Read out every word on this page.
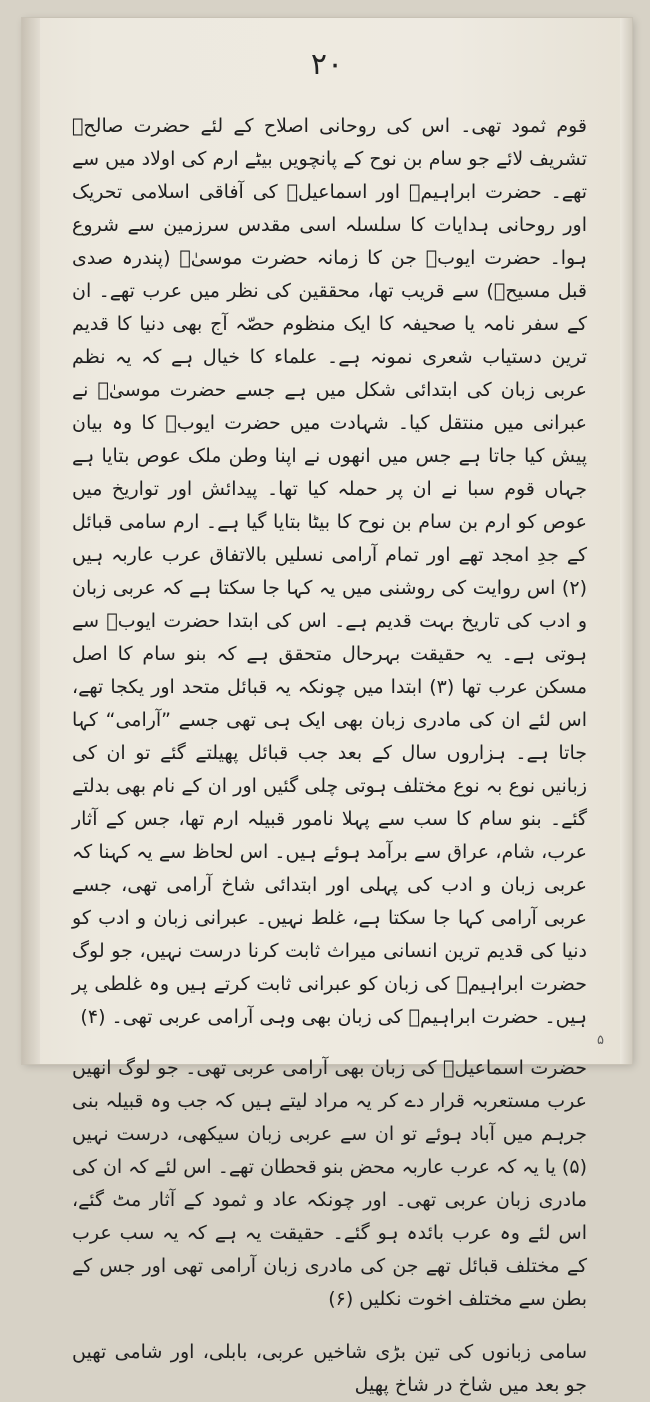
۲۰

قوم ثمود تھی۔ اس کی روحانی اصلاح کے لئے حضرت صالحؑ تشریف لائے جو سام بن نوح کے پانچویں بیٹے ارم کی اولاد میں سے تھے۔ حضرت ابراہیمؑ اور اسماعیلؑ کی آفاقی اسلامی تحریک اور روحانی ہدایات کا سلسلہ اسی مقدس سرزمین سے شروع ہوا۔ حضرت ایوبؑ جن کا زمانہ حضرت موسیٰؑ (پندرہ صدی قبل مسیحؑ) سے قریب تھا، محققین کی نظر میں عرب تھے۔ ان کے سفر نامہ یا صحیفہ کا ایک منظوم حصّہ آج بھی دنیا کا قدیم ترین دستیاب شعری نمونہ ہے۔ علماء کا خیال ہے کہ یہ نظم عربی زبان کی ابتدائی شکل میں ہے جسے حضرت موسیٰؑ نے عبرانی میں منتقل کیا۔ شہادت میں حضرت ایوبؑ کا وہ بیان پیش کیا جاتا ہے جس میں انھوں نے اپنا وطن ملک عوص بتایا ہے جہاں قوم سبا نے ان پر حملہ کیا تھا۔ پیدائش اور تواریخ میں عوص کو ارم بن سام بن نوح کا بیٹا بتایا گیا ہے۔ ارم سامی قبائل کے جدِ امجد تھے اور تمام آرامی نسلیں بالاتفاق عرب عاربہ ہیں (۲) اس روایت کی روشنی میں یہ کہا جا سکتا ہے کہ عربی زبان و ادب کی تاریخ بہت قدیم ہے۔ اس کی ابتدا حضرت ایوبؑ سے ہوتی ہے۔ یہ حقیقت بہرحال متحقق ہے کہ بنو سام کا اصل مسکن عرب تھا (۳) ابتدا میں چونکہ یہ قبائل متحد اور یکجا تھے، اس لئے ان کی مادری زبان بھی ایک ہی تھی جسے ”آرامی“ کہا جاتا ہے۔ ہزاروں سال کے بعد جب قبائل پھیلتے گئے تو ان کی زبانیں نوع بہ نوع مختلف ہوتی چلی گئیں اور ان کے نام بھی بدلتے گئے۔ بنو سام کا سب سے پہلا نامور قبیلہ ارم تھا، جس کے آثار عرب، شام، عراق سے برآمد ہوئے ہیں۔ اس لحاظ سے یہ کہنا کہ عربی زبان و ادب کی پہلی اور ابتدائی شاخ آرامی تھی، جسے عربی آرامی کہا جا سکتا ہے، غلط نہیں۔ عبرانی زبان و ادب کو دنیا کی قدیم ترین انسانی میراث ثابت کرنا درست نہیں، جو لوگ حضرت ابراہیمؑ کی زبان کو عبرانی ثابت کرتے ہیں وہ غلطی پر ہیں۔ حضرت ابراہیمؑ کی زبان بھی وہی آرامی عربی تھی۔ (۴)

حضرت اسماعیلؑ کی زبان بھی آرامی عربی تھی۔ جو لوگ انھیں عرب مستعربہ قرار دے کر یہ مراد لیتے ہیں کہ جب وہ قبیلہ بنی جرہم میں آباد ہوئے تو ان سے عربی زبان سیکھی، درست نہیں (۵) یا یہ کہ عرب عاربہ محض بنو قحطان تھے۔ اس لئے کہ ان کی مادری زبان عربی تھی۔ اور چونکہ عاد و ثمود کے آثار مٹ گئے، اس لئے وہ عرب بائدہ ہو گئے۔ حقیقت یہ ہے کہ یہ سب عرب کے مختلف قبائل تھے جن کی مادری زبان آرامی تھی اور جس کے بطن سے مختلف اخوت نکلیں (۶)

سامی زبانوں کی تین بڑی شاخیں عربی، بابلی، اور شامی تھیں جو بعد میں شاخ در شاخ پھیل

۵
